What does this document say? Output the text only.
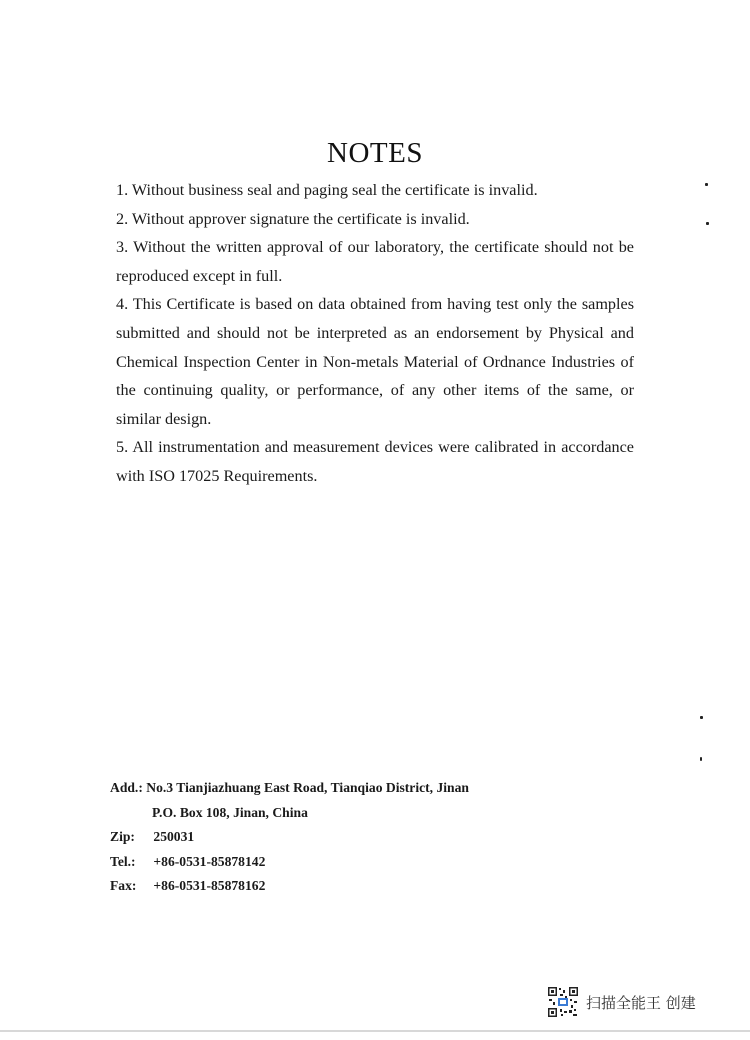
NOTES

1. Without business seal and paging seal the certificate is invalid.

2. Without approver signature the certificate is invalid.

3. Without the written approval of our laboratory, the certificate should not be reproduced except in full.

4. This Certificate is based on data obtained from having test only the samples submitted and should not be interpreted as an endorsement by Physical and Chemical Inspection Center in Non-metals Material of Ordnance Industries of the continuing quality, or performance, of any other items of the same, or similar design.

5. All instrumentation and measurement devices were calibrated in accordance with ISO 17025 Requirements.

Add.: No.3 Tianjiazhuang East Road, Tianqiao District, Jinan
P.O. Box 108, Jinan, China
Zip: 250031
Tel.: +86-0531-85878142
Fax: +86-0531-85878162
扫描全能王 创建
